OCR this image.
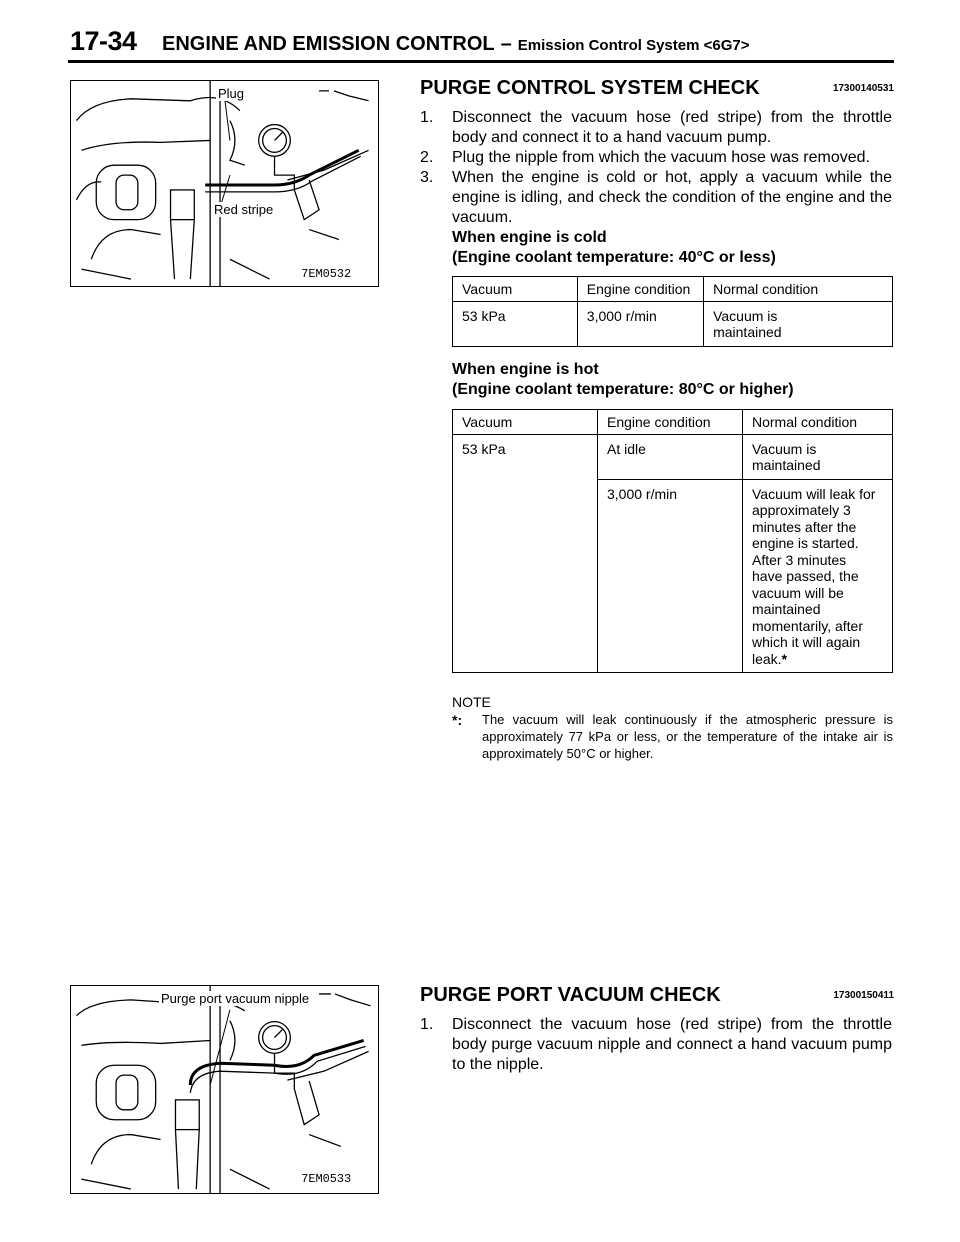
17-34 ENGINE AND EMISSION CONTROL – Emission Control System <6G7>
7EM0532
Plug
Red stripe
PURGE CONTROL SYSTEM CHECK	17300140531
1. Disconnect the vacuum hose (red stripe) from the throttle body and connect it to a hand vacuum pump.
2. Plug the nipple from which the vacuum hose was removed.
3. When the engine is cold or hot, apply a vacuum while the engine is idling, and check the condition of the engine and the vacuum.
When engine is cold
(Engine coolant temperature: 40°C or less)
Vacuum	Engine condition	Normal condition
53 kPa	3,000 r/min	Vacuum is maintained
When engine is hot
(Engine coolant temperature: 80°C or higher)
Vacuum	Engine condition	Normal condition
53 kPa	At idle	Vacuum is maintained
	3,000 r/min	Vacuum will leak for approximately 3 minutes after the engine is started. After 3 minutes have passed, the vacuum will be maintained momentarily, after which it will again leak.*
NOTE
*: The vacuum will leak continuously if the atmospheric pressure is approximately 77 kPa or less, or the temperature of the intake air is approximately 50°C or higher.
7EM0533
Purge port vacuum nipple	PURGE PORT VACUUM CHECK	17300150411
1. Disconnect the vacuum hose (red stripe) from the throttle body purge vacuum nipple and connect a hand vacuum pump to the nipple.
